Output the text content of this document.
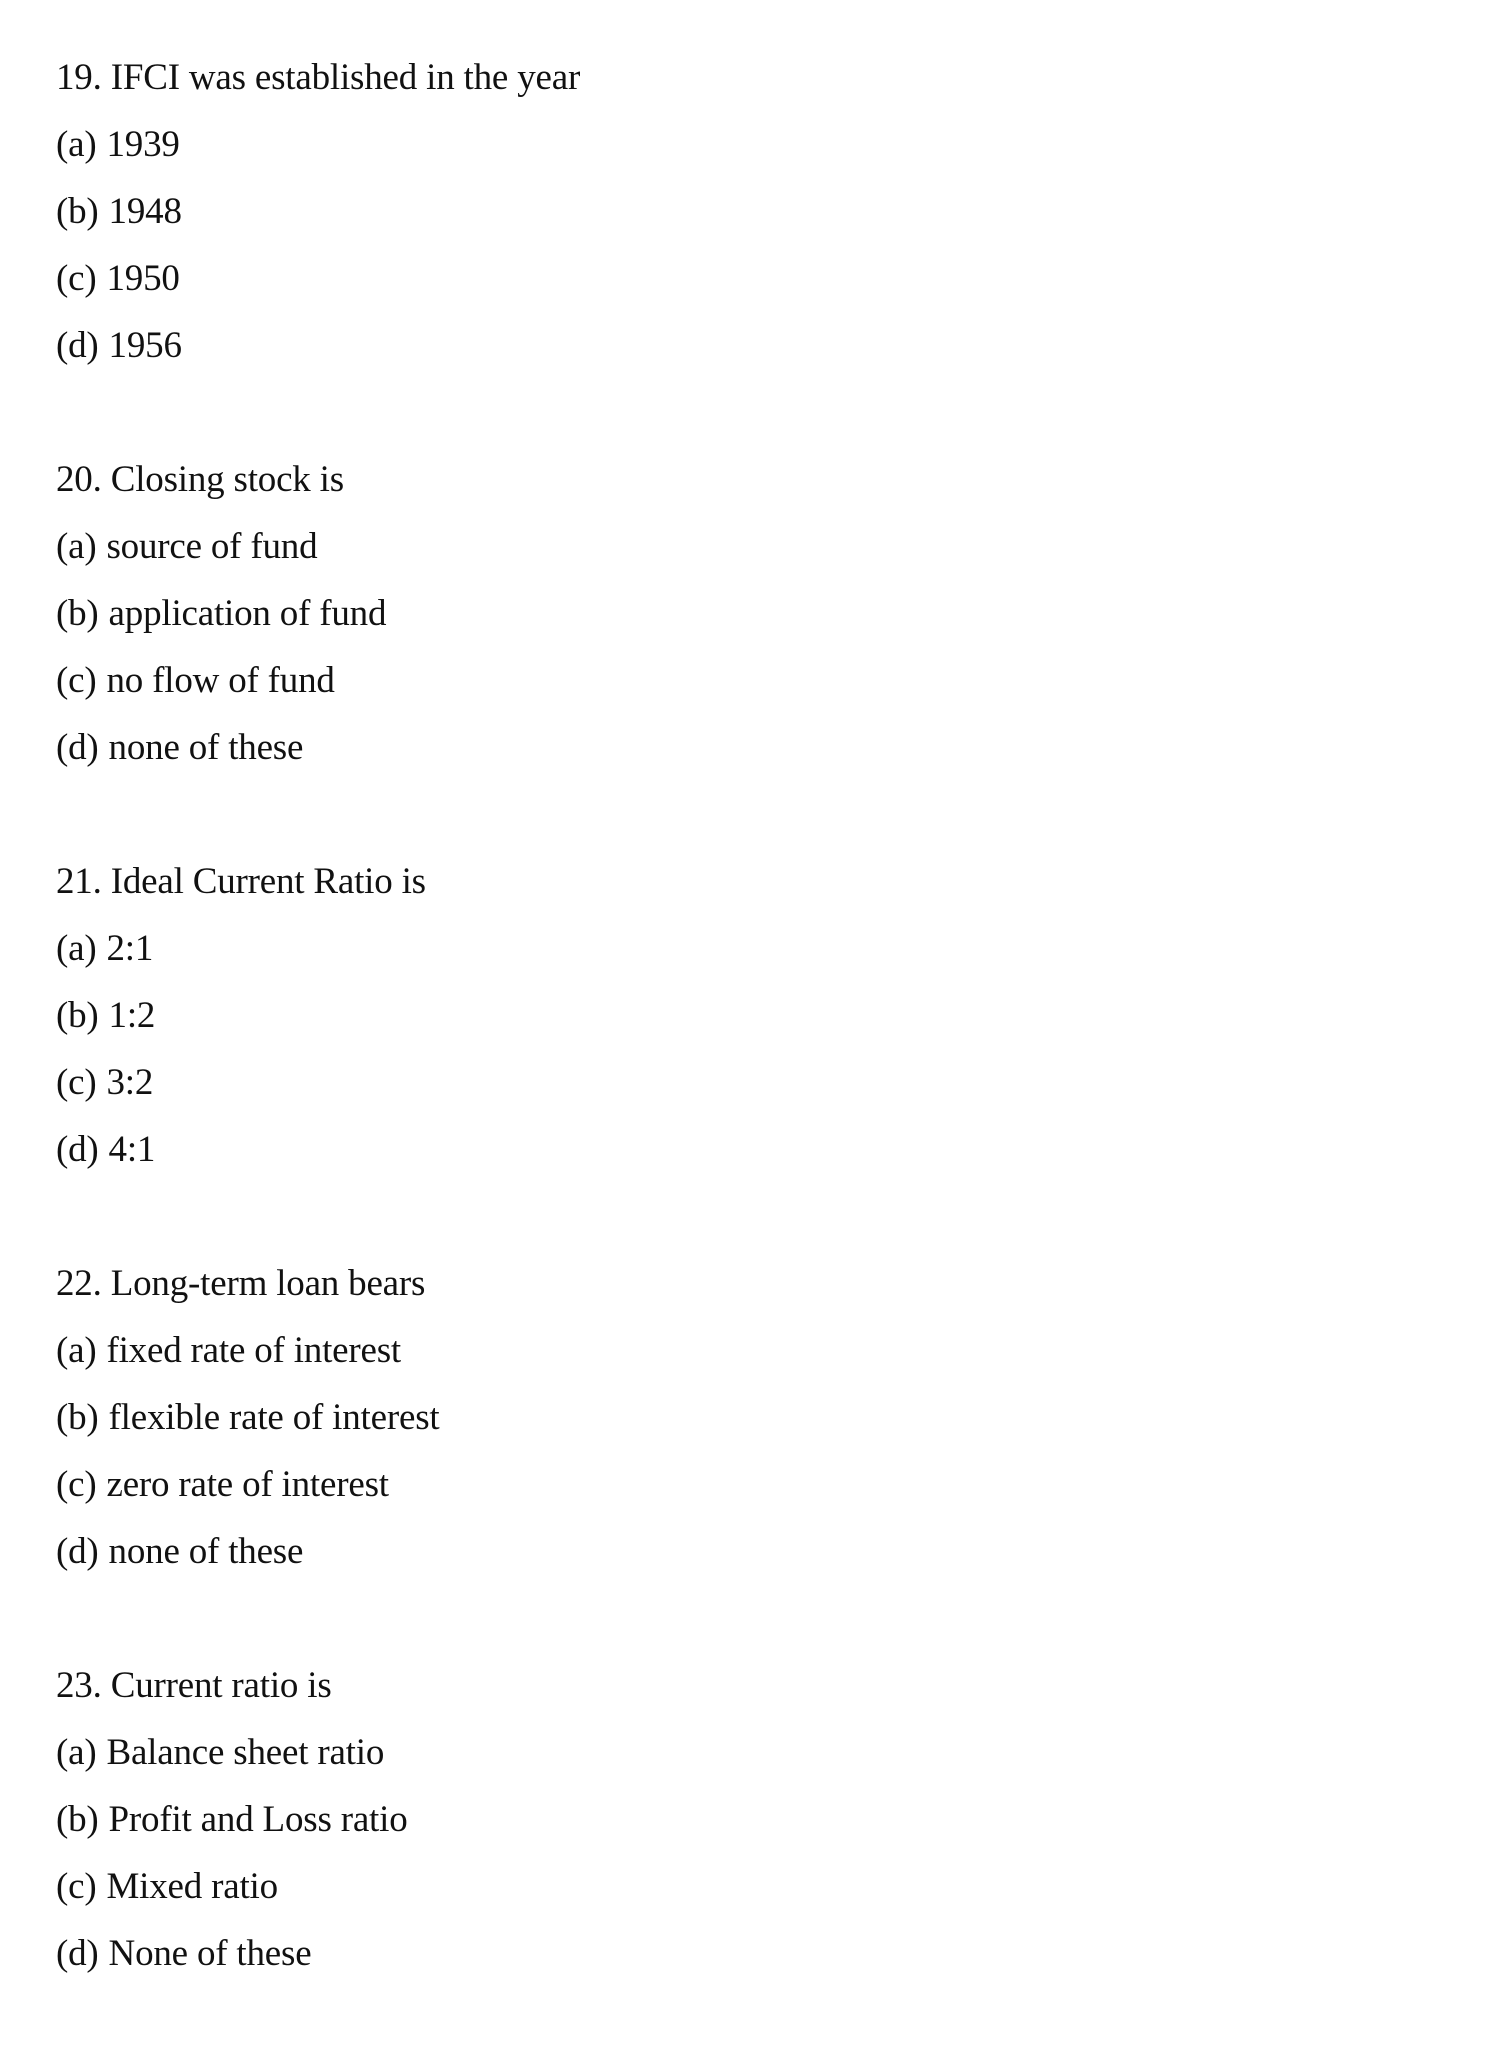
19. IFCI was established in the year
(a) 1939
(b) 1948
(c) 1950
(d) 1956
20. Closing stock is
(a) source of fund
(b) application of fund
(c) no flow of fund
(d) none of these
21. Ideal Current Ratio is
(a) 2:1
(b) 1:2
(c) 3:2
(d) 4:1
22. Long-term loan bears
(a) fixed rate of interest
(b) flexible rate of interest
(c) zero rate of interest
(d) none of these
23. Current ratio is
(a) Balance sheet ratio
(b) Profit and Loss ratio
(c) Mixed ratio
(d) None of these
